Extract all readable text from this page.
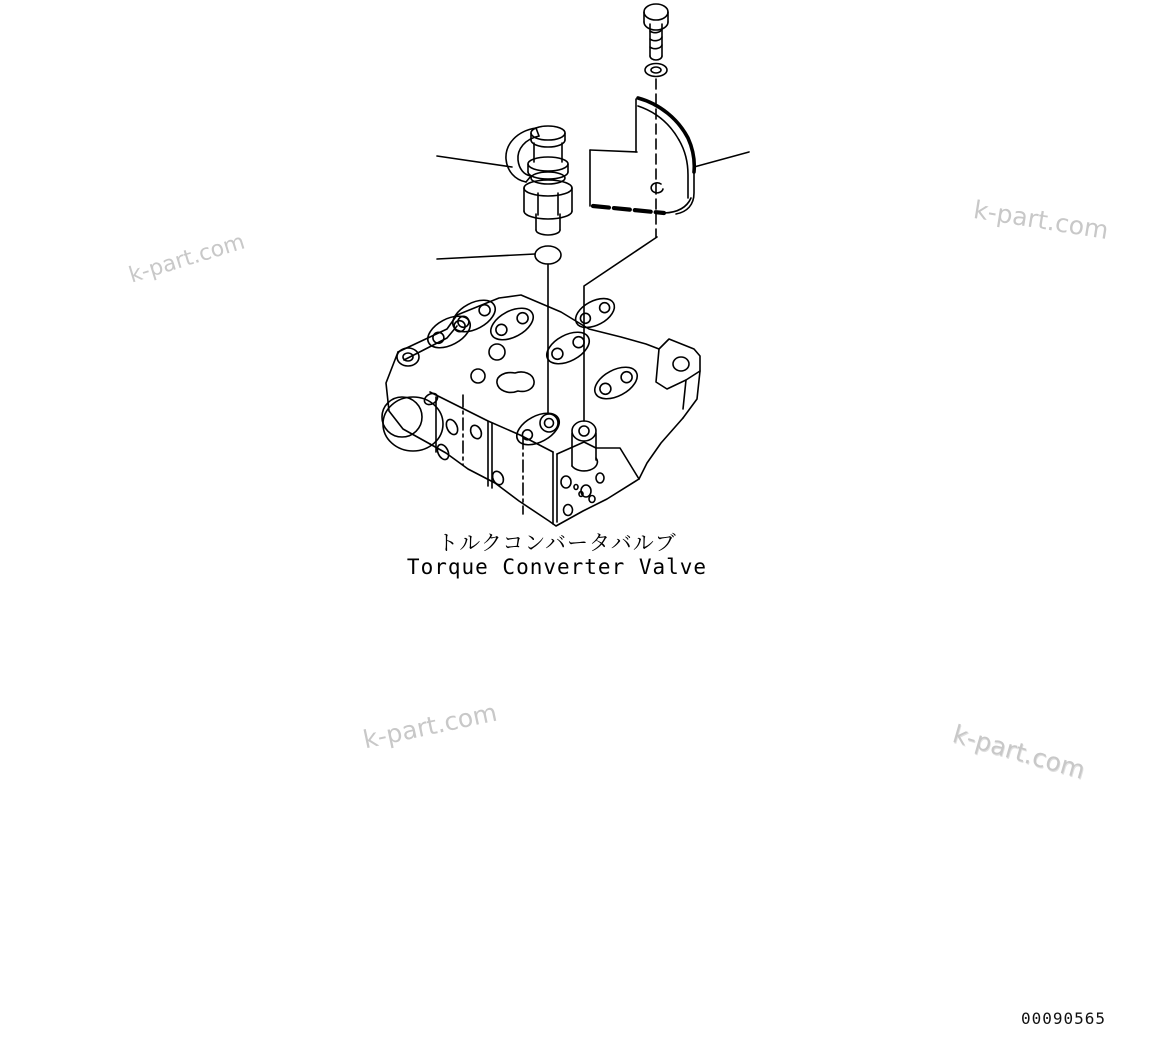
k-part.com
k-part.com
k-part.com	k-part.com
トルクコンバータバルブ
Torque Converter Valve
00090565
